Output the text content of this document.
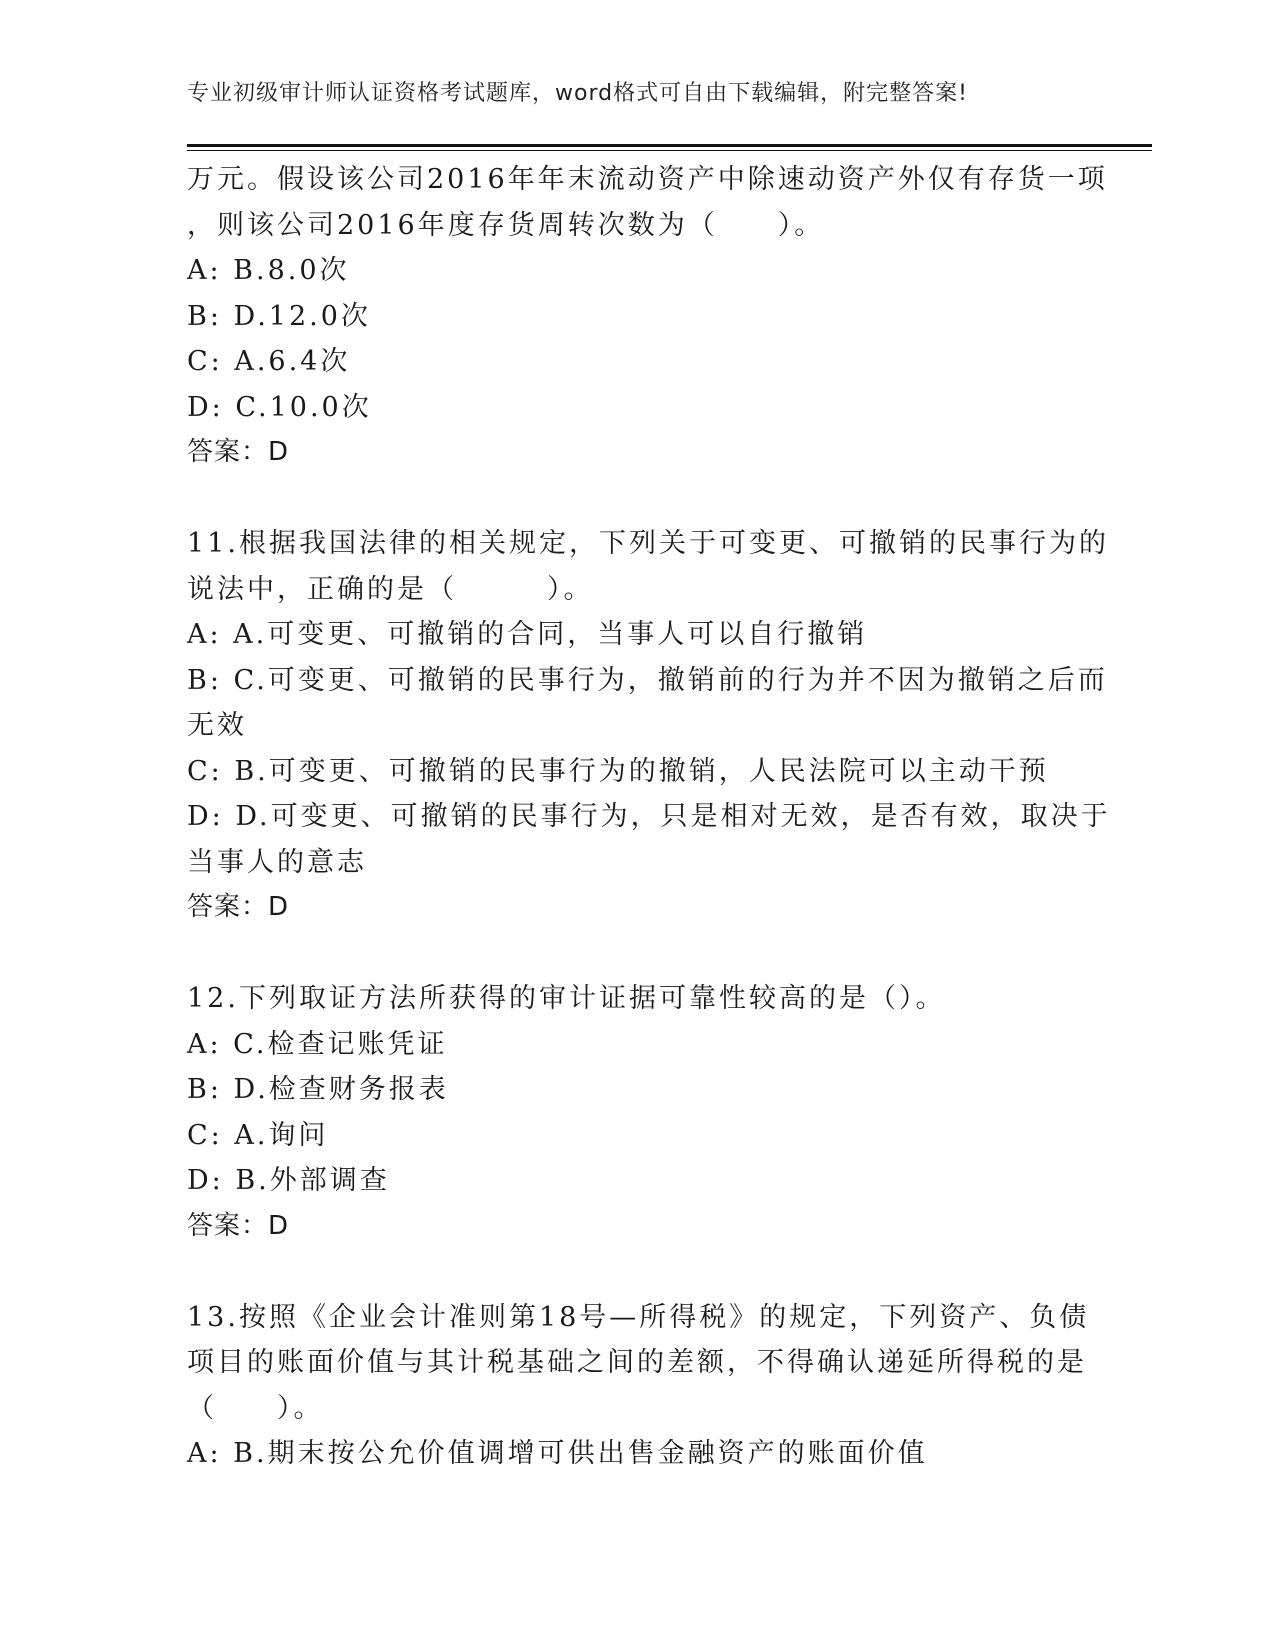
专业初级审计师认证资格考试题库，word格式可自由下载编辑，附完整答案!
万元。假设该公司2016年年末流动资产中除速动资产外仅有存货一项
，则该公司2016年度存货周转次数为（　　）。
A: B.8.0次
B: D.12.0次
C: A.6.4次
D: C.10.0次
答案：D
11.根据我国法律的相关规定，下列关于可变更、可撤销的民事行为的
说法中，正确的是（　　　）。
A: A.可变更、可撤销的合同，当事人可以自行撤销
B: C.可变更、可撤销的民事行为，撤销前的行为并不因为撤销之后而
无效
C: B.可变更、可撤销的民事行为的撤销，人民法院可以主动干预
D: D.可变更、可撤销的民事行为，只是相对无效，是否有效，取决于
当事人的意志
答案：D
12.下列取证方法所获得的审计证据可靠性较高的是（）。
A: C.检查记账凭证
B: D.检查财务报表
C: A.询问
D: B.外部调查
答案：D
13.按照《企业会计准则第18号—所得税》的规定，下列资产、负债
项目的账面价值与其计税基础之间的差额，不得确认递延所得税的是
（　　）。
A: B.期末按公允价值调增可供出售金融资产的账面价值
